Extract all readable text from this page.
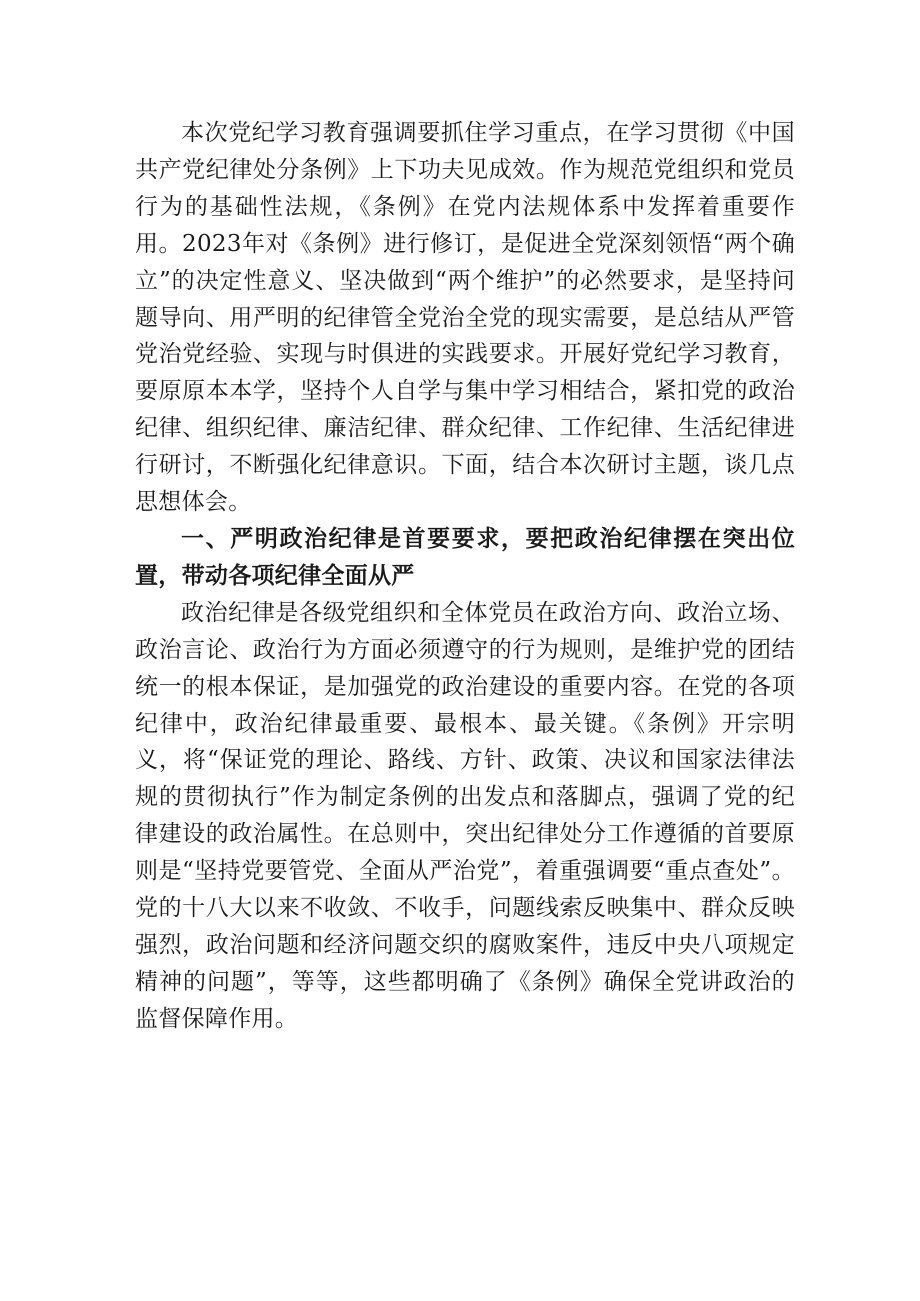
本次党纪学习教育强调要抓住学习重点，在学习贯彻《中国共产党纪律处分条例》上下功夫见成效。作为规范党组织和党员行为的基础性法规，《条例》在党内法规体系中发挥着重要作用。2023年对《条例》进行修订，是促进全党深刻领悟“两个确立”的决定性意义、坚决做到“两个维护”的必然要求，是坚持问题导向、用严明的纪律管全党治全党的现实需要，是总结从严管党治党经验、实现与时俱进的实践要求。开展好党纪学习教育，要原原本本学，坚持个人自学与集中学习相结合，紧扣党的政治纪律、组织纪律、廉洁纪律、群众纪律、工作纪律、生活纪律进行研讨，不断强化纪律意识。下面，结合本次研讨主题，谈几点思想体会。

一、严明政治纪律是首要要求，要把政治纪律摆在突出位置，带动各项纪律全面从严

政治纪律是各级党组织和全体党员在政治方向、政治立场、政治言论、政治行为方面必须遵守的行为规则，是维护党的团结统一的根本保证，是加强党的政治建设的重要内容。在党的各项纪律中，政治纪律最重要、最根本、最关键。《条例》开宗明义，将“保证党的理论、路线、方针、政策、决议和国家法律法规的贯彻执行”作为制定条例的出发点和落脚点，强调了党的纪律建设的政治属性。在总则中，突出纪律处分工作遵循的首要原则是“坚持党要管党、全面从严治党”，着重强调要“重点查处”。党的十八大以来不收敛、不收手，问题线索反映集中、群众反映强烈，政治问题和经济问题交织的腐败案件，违反中央八项规定精神的问题”，等等，这些都明确了《条例》确保全党讲政治的监督保障作用。
